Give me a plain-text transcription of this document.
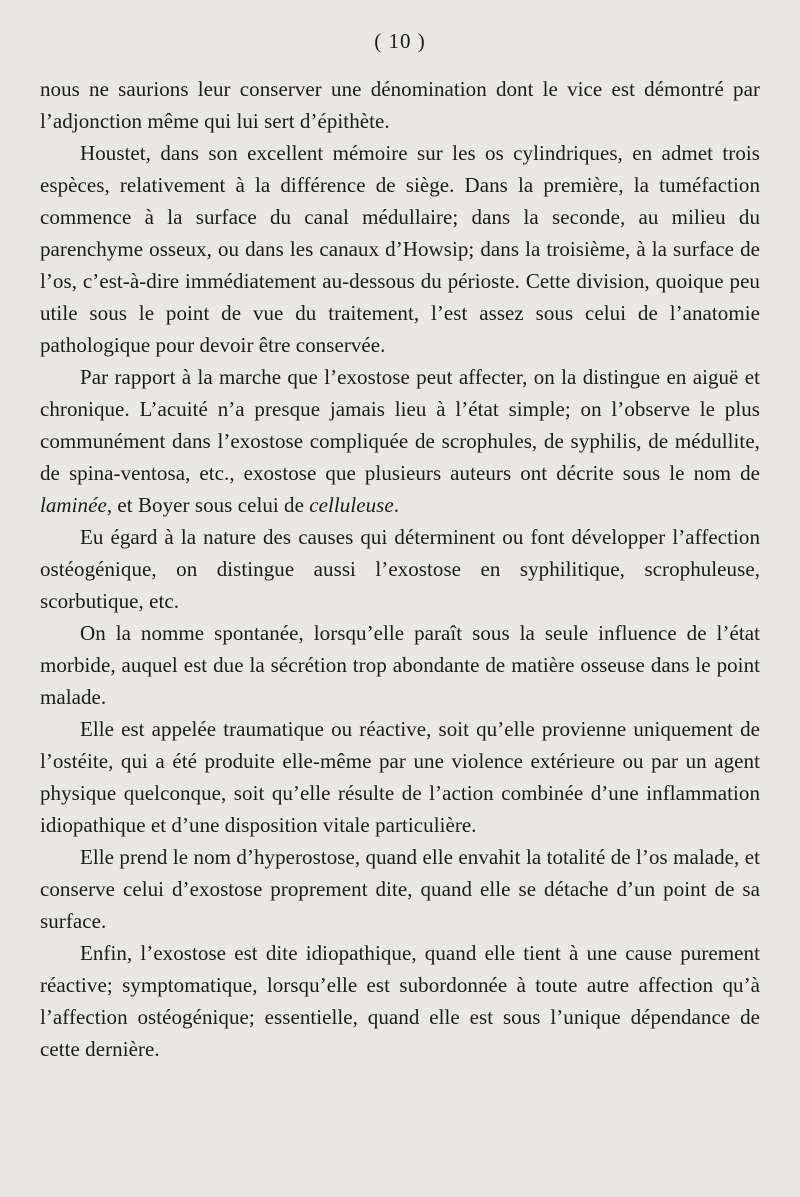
( 10 )

nous ne saurions leur conserver une dénomination dont le vice est démontré par l’adjonction même qui lui sert d’épithète.

Houstet, dans son excellent mémoire sur les os cylindriques, en admet trois espèces, relativement à la différence de siège. Dans la première, la tuméfaction commence à la surface du canal médullaire; dans la seconde, au milieu du parenchyme osseux, ou dans les canaux d’Howsip; dans la troisième, à la surface de l’os, c’est-à-dire immédiatement au-dessous du périoste. Cette division, quoique peu utile sous le point de vue du traitement, l’est assez sous celui de l’anatomie pathologique pour devoir être conservée.

Par rapport à la marche que l’exostose peut affecter, on la distingue en aiguë et chronique. L’acuité n’a presque jamais lieu à l’état simple; on l’observe le plus communément dans l’exostose compliquée de scrophules, de syphilis, de médullite, de spina-ventosa, etc., exostose que plusieurs auteurs ont décrite sous le nom de laminée, et Boyer sous celui de celluleuse.

Eu égard à la nature des causes qui déterminent ou font développer l’affection ostéogénique, on distingue aussi l’exostose en syphilitique, scrophuleuse, scorbutique, etc.

On la nomme spontanée, lorsqu’elle paraît sous la seule influence de l’état morbide, auquel est due la sécrétion trop abondante de matière osseuse dans le point malade.

Elle est appelée traumatique ou réactive, soit qu’elle provienne uniquement de l’ostéite, qui a été produite elle-même par une violence extérieure ou par un agent physique quelconque, soit qu’elle résulte de l’action combinée d’une inflammation idiopathique et d’une disposition vitale particulière.

Elle prend le nom d’hyperostose, quand elle envahit la totalité de l’os malade, et conserve celui d’exostose proprement dite, quand elle se détache d’un point de sa surface.

Enfin, l’exostose est dite idiopathique, quand elle tient à une cause purement réactive; symptomatique, lorsqu’elle est subordonnée à toute autre affection qu’à l’affection ostéogénique; essentielle, quand elle est sous l’unique dépendance de cette dernière.
